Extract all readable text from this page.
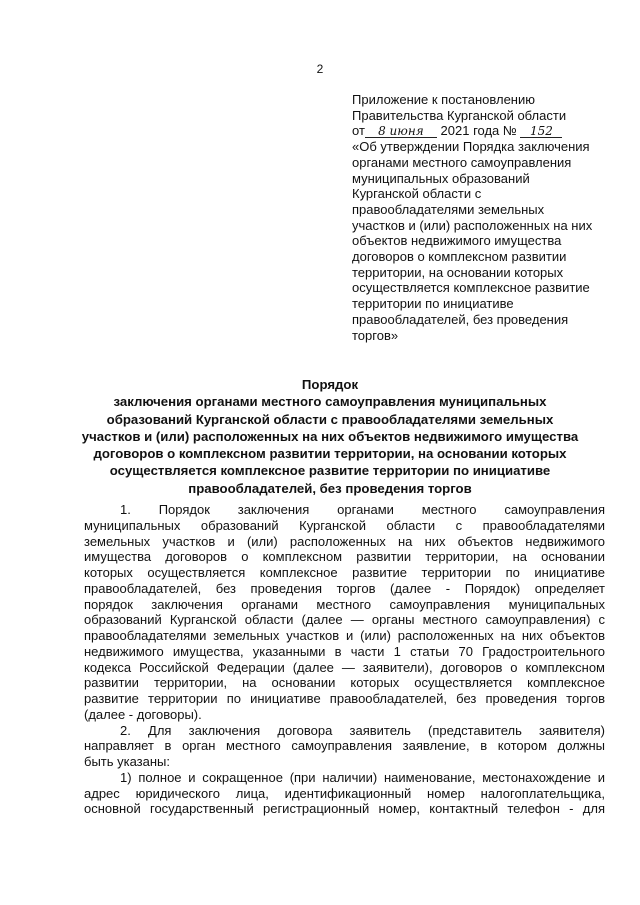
2
Приложение к постановлению
Правительства Курганской области
от 8 июня 2021 года № 152
«Об утверждении Порядка заключения
органами местного самоуправления
муниципальных образований
Курганской области с
правообладателями земельных
участков и (или) расположенных на них
объектов недвижимого имущества
договоров о комплексном развитии
территории, на основании которых
осуществляется комплексное развитие
территории по инициативе
правообладателей, без проведения
торгов»
Порядок
заключения органами местного самоуправления муниципальных
образований Курганской области с правообладателями земельных
участков и (или) расположенных на них объектов недвижимого имущества
договоров о комплексном развитии территории, на основании которых
осуществляется комплексное развитие территории по инициативе
правообладателей, без проведения торгов
1. Порядок заключения органами местного самоуправления
муниципальных образований Курганской области с правообладателями
земельных участков и (или) расположенных на них объектов недвижимого
имущества договоров о комплексном развитии территории, на основании
которых осуществляется комплексное развитие территории по инициативе
правообладателей, без проведения торгов (далее - Порядок) определяет
порядок заключения органами местного самоуправления муниципальных
образований Курганской области (далее — органы местного самоуправления) с
правообладателями земельных участков и (или) расположенных на них объектов
недвижимого имущества, указанными в части 1 статьи 70 Градостроительного
кодекса Российской Федерации (далее — заявители), договоров о комплексном
развитии территории, на основании которых осуществляется комплексное
развитие территории по инициативе правообладателей, без проведения торгов
(далее - договоры).
2. Для заключения договора заявитель (представитель заявителя)
направляет в орган местного самоуправления заявление, в котором должны
быть указаны:
1) полное и сокращенное (при наличии) наименование, местонахождение и
адрес юридического лица, идентификационный номер налогоплательщика,
основной государственный регистрационный номер, контактный телефон - для
